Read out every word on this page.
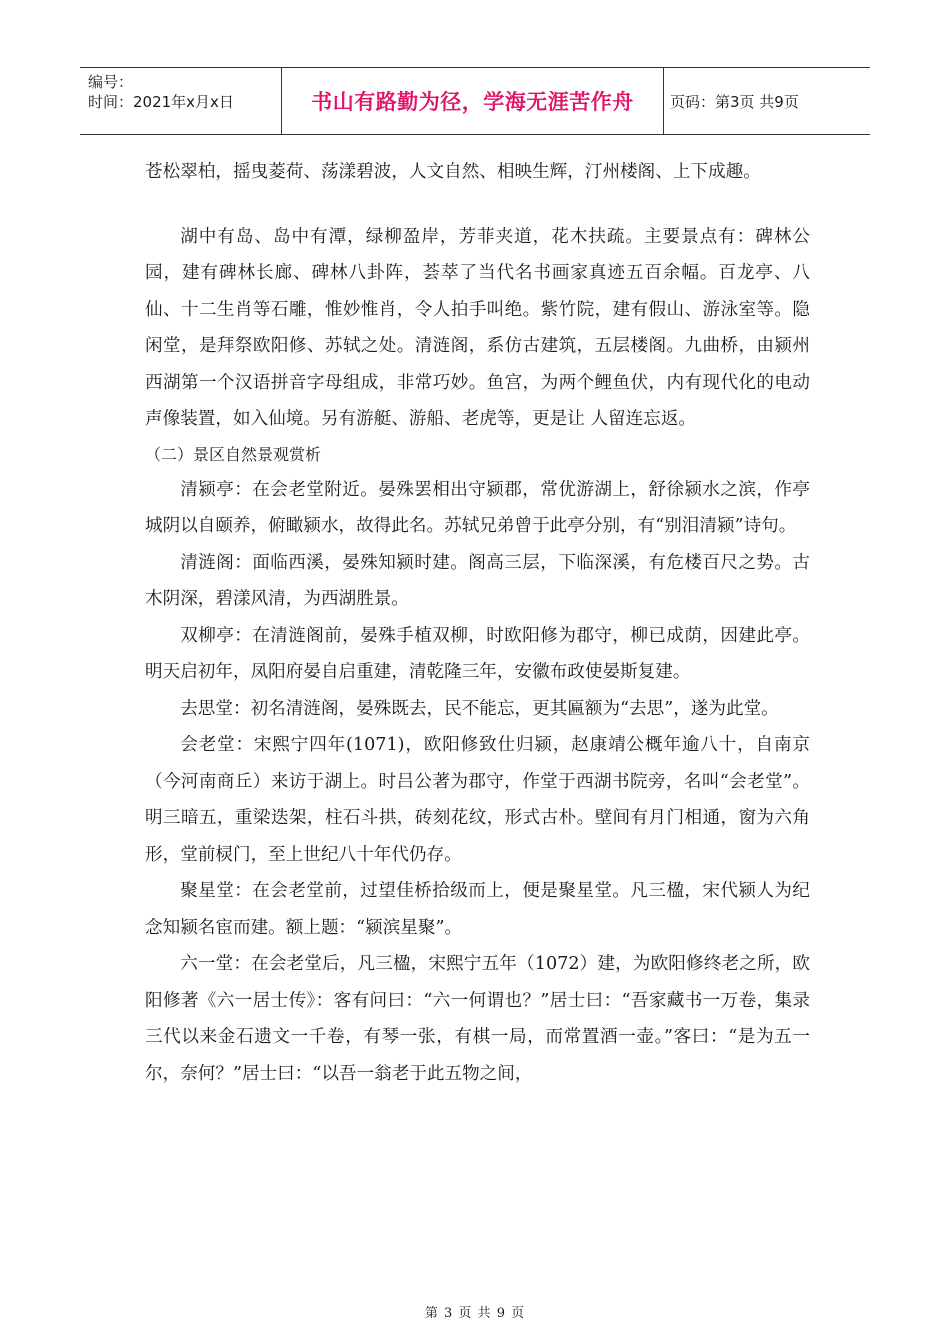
编号：
时间：2021年x月x日	书山有路勤为径，学海无涯苦作舟	页码：第3页 共9页

苍松翠柏，摇曳菱荷、荡漾碧波，人文自然、相映生辉，汀州楼阁、上下成趣。

湖中有岛、岛中有潭，绿柳盈岸，芳菲夹道，花木扶疏。主要景点有：碑林公园，建有碑林长廊、碑林八卦阵，荟萃了当代名书画家真迹五百余幅。百龙亭、八仙、十二生肖等石雕，惟妙惟肖，令人拍手叫绝。紫竹院，建有假山、游泳室等。隐闲堂，是拜祭欧阳修、苏轼之处。清涟阁，系仿古建筑，五层楼阁。九曲桥，由颍州西湖第一个汉语拼音字母组成，非常巧妙。鱼宫，为两个鲤鱼伏，内有现代化的电动声像装置，如入仙境。另有游艇、游船、老虎等，更是让 人留连忘返。

（二）景区自然景观赏析

清颍亭：在会老堂附近。晏殊罢相出守颍郡，常优游湖上，舒徐颍水之滨，作亭城阴以自颐养，俯瞰颍水，故得此名。苏轼兄弟曾于此亭分别，有“别泪清颍”诗句。

清涟阁：面临西溪，晏殊知颍时建。阁高三层，下临深溪，有危楼百尺之势。古木阴深，碧漾风清，为西湖胜景。

双柳亭：在清涟阁前，晏殊手植双柳，时欧阳修为郡守，柳已成荫，因建此亭。明天启初年，凤阳府晏自启重建，清乾隆三年，安徽布政使晏斯复建。

去思堂：初名清涟阁，晏殊既去，民不能忘，更其匾额为“去思”，遂为此堂。

会老堂：宋熙宁四年(1071)，欧阳修致仕归颍，赵康靖公概年逾八十，自南京（今河南商丘）来访于湖上。时吕公著为郡守，作堂于西湖书院旁，名叫“会老堂”。明三暗五，重梁迭架，柱石斗拱，砖刻花纹，形式古朴。壁间有月门相通，窗为六角形，堂前棂门，至上世纪八十年代仍存。

聚星堂：在会老堂前，过望佳桥拾级而上，便是聚星堂。凡三楹，宋代颍人为纪念知颍名宦而建。额上题：“颍滨星聚”。

六一堂：在会老堂后，凡三楹，宋熙宁五年（1072）建，为欧阳修终老之所，欧阳修著《六一居士传》：客有问曰：“六一何谓也？”居士曰：“吾家藏书一万卷，集录三代以来金石遗文一千卷，有琴一张，有棋一局，而常置酒一壶。”客曰：“是为五一尔，奈何？”居士曰：“以吾一翁老于此五物之间，

第 3 页 共 9 页
